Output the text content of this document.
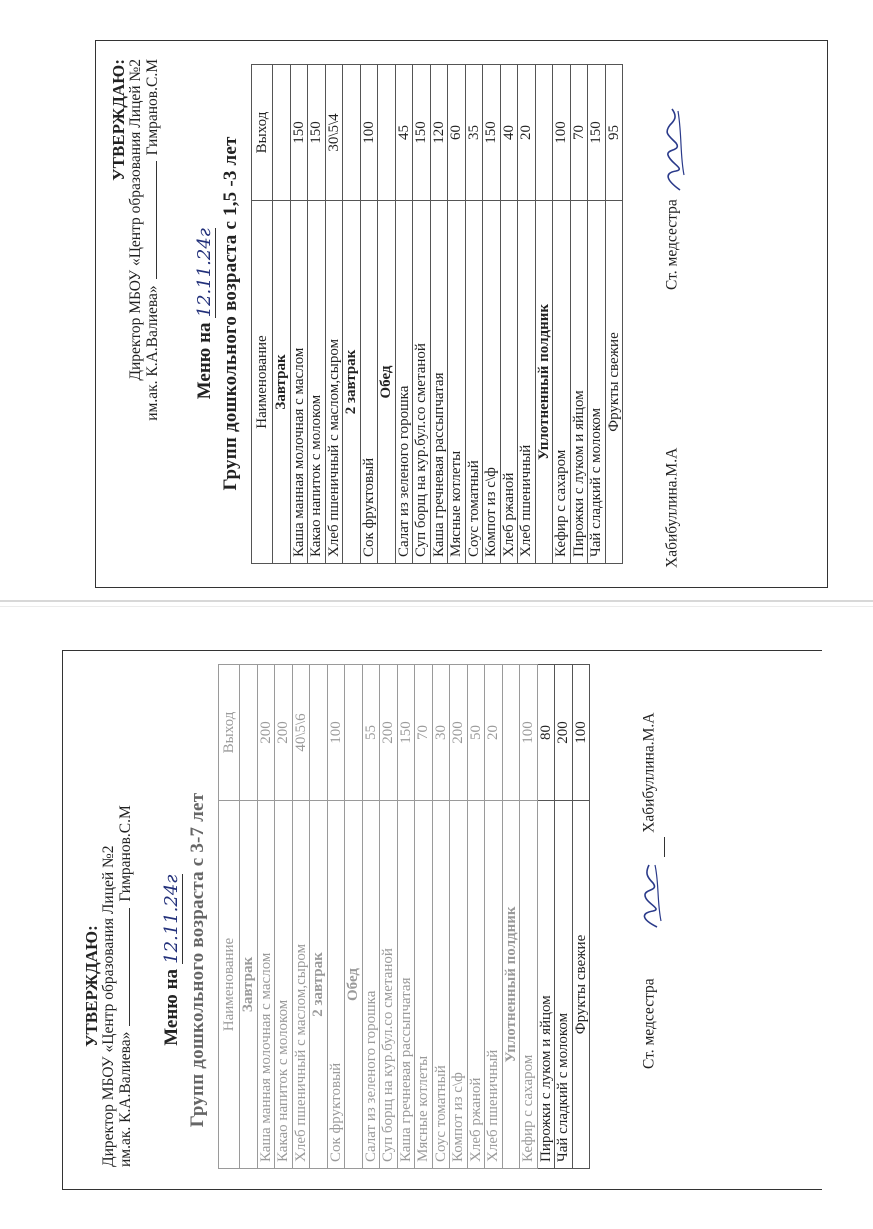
УТВЕРЖДАЮ: Директор МБОУ «Центр образования Лицей №2 им.ак. К.А.Валиева»Гимранов.С.М
Меню на 12.11.24г Групп дошкольного возраста с 1,5 -3 лет Наименование	Выход
Завтрак	
Каша манная молочная с маслом	150
Какао напиток с молоком	150
Хлеб пшеничный с маслом,сыром	30\5\4
2 завтрак	
Сок фруктовый	100
Обед	
Салат из зеленого горошка	45
Суп борщ на кур.бул.со сметаной	150
Каша гречневая рассыпчатая	120
Мясные котлеты	60
Соус томатный	35
Компот из с\ф	150
Хлеб ржаной	40
Хлеб пшеничный	20
Уплотненный полдник	
Кефир с сахаром	100
Пирожки с луком и яйцом	70
Чай сладкий с молоком	150
Фрукты свежие	95
Хабибуллина.М.А  Ст. медсестра
УТВЕРЖДАЮ: Директор МБОУ «Центр образования Лицей №2 им.ак. К.А.Валиева»Гимранов.С.М
Меню на 12.11.24г Групп дошкольного возраста с 3-7 лет Наименование	Выход
Завтрак	
Каша манная молочная с маслом	200
Какао напиток с молоком	200
Хлеб пшеничный с маслом,сыром	40\5\6
2 завтрак	
Сок фруктовый	100
Обед	
Салат из зеленого горошка	55
Суп борщ на кур.бул.со сметаной	200
Каша гречневая рассыпчатая	150
Мясные котлеты	70
Соус томатный	30
Компот из с\ф	200
Хлеб ржаной	50
Хлеб пшеничный	20
Уплотненный полдник	
Кефир с сахаром	100
Пирожки с луком и яйцом	80
Чай сладкий с молоком	200
Фрукты свежие	100
Ст. медсестра    Хабибуллина.М.А
